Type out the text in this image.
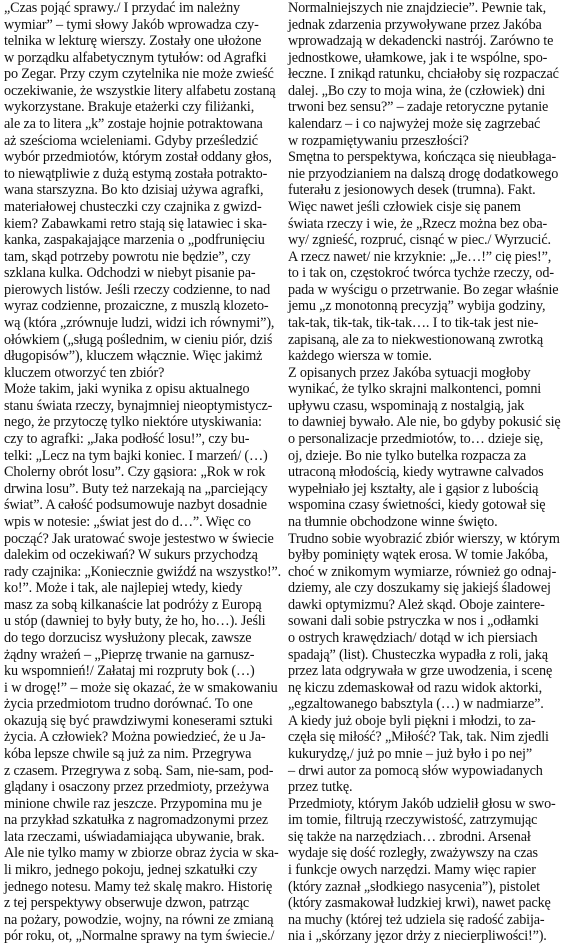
„Czas pojąć sprawy./ I przydać im należny
wymiar” – tymi słowy Jakób wprowadza czy-
telnika w lekturę wierszy. Zostały one ułożone
w porządku alfabetycznym tytułów: od Agrafki
po Zegar. Przy czym czytelnika nie może zwieść
oczekiwanie, że wszystkie litery alfabetu zostaną
wykorzystane. Brakuje etażerki czy filiżanki,
ale za to litera „k” zostaje hojnie potraktowana
aż sześcioma wcieleniami. Gdyby prześledzić
wybór przedmiotów, którym został oddany głos,
to niewątpliwie z dużą estymą została potrakto-
wana starszyzna. Bo kto dzisiaj używa agrafki,
materiałowej chusteczki czy czajnika z gwizd-
kiem? Zabawkami retro stają się latawiec i ska-
kanka, zaspakajające marzenia o „podfrunięciu
tam, skąd potrzeby powrotu nie będzie”, czy
szklana kulka. Odchodzi w niebyt pisanie pa-
pierowych listów. Jeśli rzeczy codzienne, to nad
wyraz codzienne, prozaiczne, z muszlą klozeto-
wą (która „zrównuje ludzi, widzi ich równymi”),
ołówkiem („sługą poślednim, w cieniu piór, dziś
długopisów”), kluczem włącznie. Więc jakimż
kluczem otworzyć ten zbiór?
Może takim, jaki wynika z opisu aktualnego
stanu świata rzeczy, bynajmniej nieoptymistycz-
nego, że przytoczę tylko niektóre utyskiwania:
czy to agrafki: „Jaka podłość losu!”, czy bu-
telki: „Lecz na tym bajki koniec. I marzeń/ (…)
Cholerny obrót losu”. Czy gąsiora: „Rok w rok
drwina losu”. Buty też narzekają na „parciejący
świat”. A całość podsumowuje nazbyt dosadnie
wpis w notesie: „świat jest do d…”. Więc co
począć? Jak uratować swoje jestestwo w świecie
dalekim od oczekiwań? W sukurs przychodzą
rady czajnika: „Koniecznie gwiźdź na wszystko!”.
ko!”. Może i tak, ale najlepiej wtedy, kiedy
masz za sobą kilkanaście lat podróży z Europą
u stóp (dawniej to były buty, że ho, ho…). Jeśli
do tego dorzucisz wysłużony plecak, zawsze
żądny wrażeń – „Pieprzę trwanie na garnusz-
ku wspomnień!/ Załataj mi rozpruty bok (…)
i w drogę!” – może się okazać, że w smakowaniu
życia przedmiotom trudno dorównać. To one
okazują się być prawdziwymi koneserami sztuki
życia. A człowiek? Można powiedzieć, że u Ja-
kóba lepsze chwile są już za nim. Przegrywa
z czasem. Przegrywa z sobą. Sam, nie-sam, pod-
glądany i osaczony przez przedmioty, przeżywa
minione chwile raz jeszcze. Przypomina mu je
na przykład szkatułka z nagromadzonymi przez
lata rzeczami, uświadamiająca ubywanie, brak.
Ale nie tylko mamy w zbiorze obraz życia w ska-
li mikro, jednego pokoju, jednej szkatułki czy
jednego notesu. Mamy też skalę makro. Historię
z tej perspektywy obserwuje dzwon, patrząc
na pożary, powodzie, wojny, na równi ze zmianą
pór roku, ot, „Normalne sprawy na tym świecie./
Normalniejszych nie znajdziecie”. Pewnie tak,
jednak zdarzenia przywoływane przez Jakóba
wprowadzają w dekadencki nastrój. Zarówno te
jednostkowe, ułamkowe, jak i te wspólne, spo-
łeczne. I znikąd ratunku, chciałoby się rozpaczać
dalej. „Bo czy to moja wina, że (człowiek) dni
trwoni bez sensu?” – zadaje retoryczne pytanie
kalendarz – i co najwyżej może się zagrzebać
w rozpamiętywaniu przeszłości?
Smętna to perspektywa, kończąca się nieubłaga-
nie przyodzianiem na dalszą drogę dodatkowego
futerału z jesionowych desek (trumna). Fakt.
Więc nawet jeśli człowiek cisje się panem
świata rzeczy i wie, że „Rzecz można bez oba-
wy/ zgnieść, rozpruć, cisnąć w piec./ Wyrzucić.
A rzecz nawet/ nie krzyknie: „Je…!” cię pies!”,
to i tak on, częstokroć twórca tychże rzeczy, od-
pada w wyścigu o przetrwanie. Bo zegar właśnie
jemu „z monotonną precyzją” wybija godziny,
tak-tak, tik-tak, tik-tak…. I to tik-tak jest nie-
zapisaną, ale za to niekwestionowaną zwrotką
każdego wiersza w tomie.
Z opisanych przez Jakóba sytuacji mogłoby
wynikać, że tylko skrajni malkontenci, pomni
upływu czasu, wspominają z nostalgią, jak
to dawniej bywało. Ale nie, bo gdyby pokusić się
o personalizacje przedmiotów, to… dzieje się,
oj, dzieje. Bo nie tylko butelka rozpacza za
utraconą młodością, kiedy wytrawne calvados
wypełniało jej kształty, ale i gąsior z lubością
wspomina czasy świetności, kiedy gotował się
na tłumnie obchodzone winne święto.
Trudno sobie wyobrazić zbiór wierszy, w którym
byłby pominięty wątek erosa. W tomie Jakóba,
choć w znikomym wymiarze, również go odnaj-
dziemy, ale czy doszukamy się jakiejś śladowej
dawki optymizmu? Ależ skąd. Oboje zaintere-
sowani dali sobie pstryczka w nos i „odłamki
o ostrych krawędziach/ dotąd w ich piersiach
spadają” (list). Chusteczka wypadła z roli, jaką
przez lata odgrywała w grze uwodzenia, i scenę
nę kiczu zdemaskował od razu widok aktorki,
„egzaltowanego babsztyla (…) w nadmiarze”.
A kiedy już oboje byli piękni i młodzi, to za-
częła się miłość? „Miłość? Tak, tak. Nim zjedli
kukurydzę,/ już po mnie – już było i po nej”
– drwi autor za pomocą słów wypowiadanych
przez tutkę.
Przedmioty, którym Jakób udzielił głosu w swo-
im tomie, filtrują rzeczywistość, zatrzymując
się także na narzędziach… zbrodni. Arsenał
wydaje się dość rozległy, zważywszy na czas
i funkcje owych narzędzi. Mamy więc rapier
(który zaznał „słodkiego nasycenia”), pistolet
(który zasmakował ludzkiej krwi), nawet packę
na muchy (której też udziela się radość zabija-
nia i „skórzany jęzor drży z niecierpliwości!”).
